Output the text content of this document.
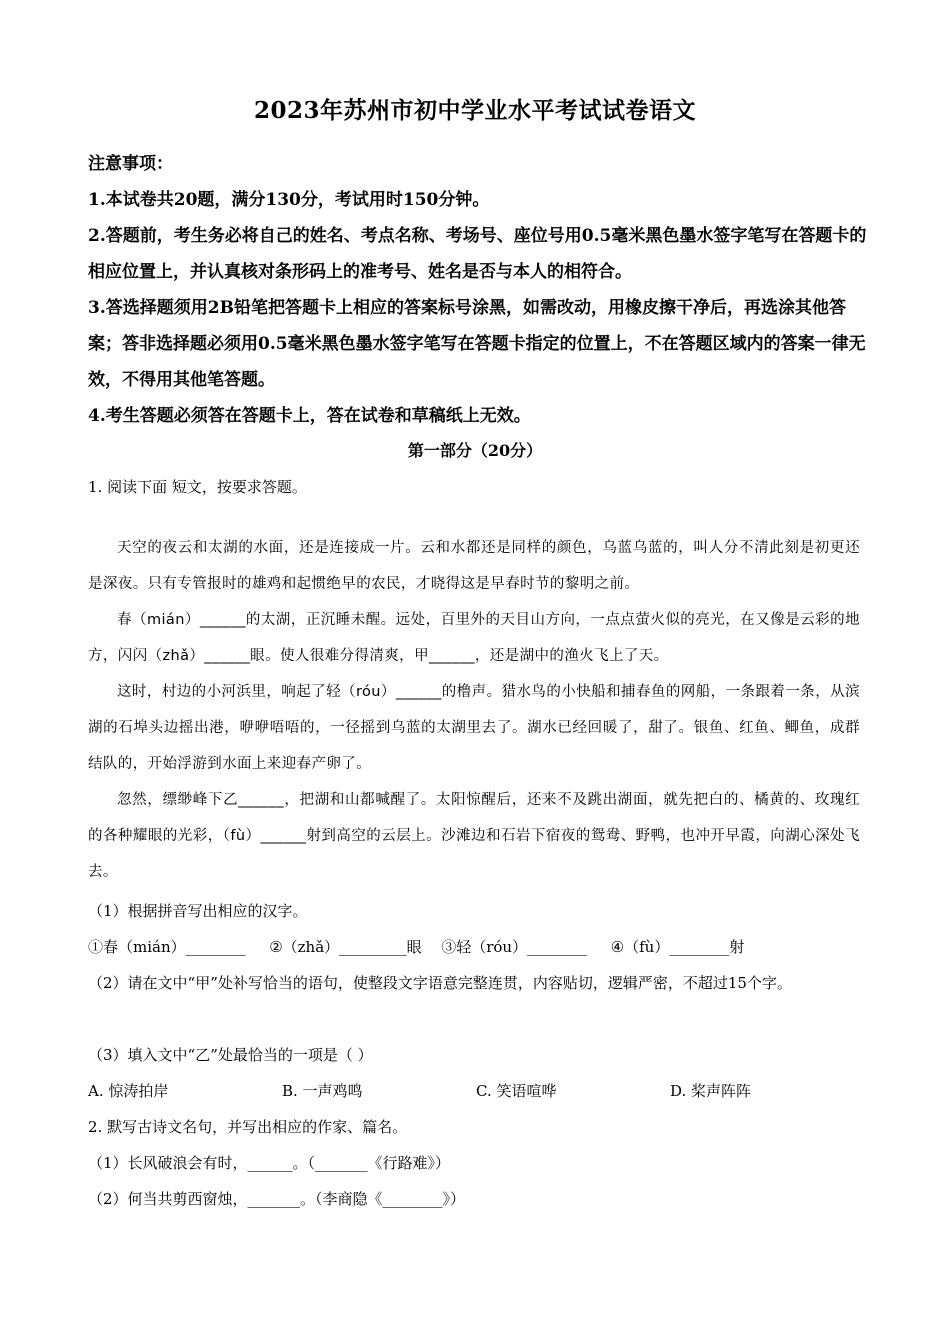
2023年苏州市初中学业水平考试试卷语文

注意事项：

1.本试卷共20题，满分130分，考试用时150分钟。

2.答题前，考生务必将自己的姓名、考点名称、考场号、座位号用0.5毫米黑色墨水签字笔写在答题卡的相应位置上，并认真核对条形码上的准考号、姓名是否与本人的相符合。

3.答选择题须用2B铅笔把答题卡上相应的答案标号涂黑，如需改动，用橡皮擦干净后，再选涂其他答案；答非选择题必须用0.5毫米黑色墨水签字笔写在答题卡指定的位置上，不在答题区域内的答案一律无效，不得用其他笔答题。

4.考生答题必须答在答题卡上，答在试卷和草稿纸上无效。

第一部分（20分）
1. 阅读下面 短文，按要求答题。

天空的夜云和太湖的水面，还是连接成一片。云和水都还是同样的颜色，乌蓝乌蓝的，叫人分不清此刻是初更还是深夜。只有专管报时的雄鸡和起惯绝早的农民，才晓得这是早春时节的黎明之前。

春（mián）______的太湖，正沉睡未醒。远处，百里外的天目山方向，一点点萤火似的亮光，在又像是云彩的地方，闪闪（zhǎ）______眼。使人很难分得清爽，甲______，还是湖中的渔火飞上了天。

这时，村边的小河浜里，响起了轻（róu）______的橹声。猎水鸟的小快船和捕春鱼的网船，一条跟着一条，从滨湖的石埠头边摇出港，咿咿唔唔的，一径摇到乌蓝的太湖里去了。湖水已经回暖了，甜了。银鱼、红鱼、鲫鱼，成群结队的，开始浮游到水面上来迎春产卵了。

忽然，缥缈峰下乙______，把湖和山都喊醒了。太阳惊醒后，还来不及跳出湖面，就先把白的、橘黄的、玫瑰红的各种耀眼的光彩，（fù）______射到高空的云层上。沙滩边和石岩下宿夜的鸳鸯、野鸭，也冲开早霞，向湖心深处飞去。

（1）根据拼音写出相应的汉字。
①春（mián）________ ②（zhǎ）_________眼 ③轻（róu）________ ④（fù）________射
（2）请在文中“甲”处补写恰当的语句，使整段文字语意完整连贯，内容贴切，逻辑严密，不超过15个字。
（3）填入文中“乙”处最恰当的一项是（ ）
A. 惊涛拍岸	B. 一声鸡鸣	C. 笑语喧哗	D. 桨声阵阵
2. 默写古诗文名句，并写出相应的作家、篇名。
（1）长风破浪会有时，______。（_______《行路难》）
（2）何当共剪西窗烛，_______。（李商隐《________》）
